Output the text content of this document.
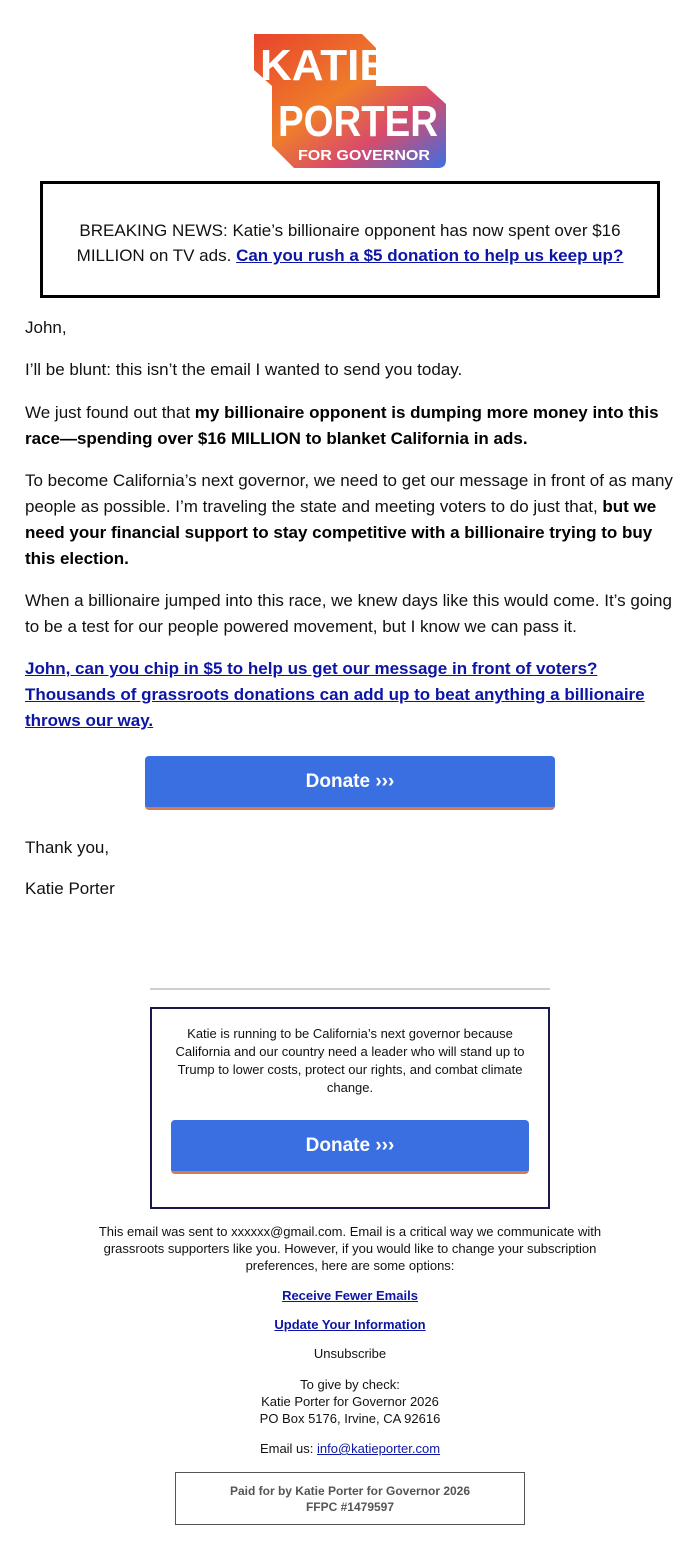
KATIE
PORTER
FOR GOVERNOR
BREAKING NEWS: Katie’s billionaire opponent has now spent over $16 MILLION on TV ads. Can you rush a $5 donation to help us keep up?

John,

I’ll be blunt: this isn’t the email I wanted to send you today.

We just found out that my billionaire opponent is dumping more money into this race—spending over $16 MILLION to blanket California in ads.

To become California’s next governor, we need to get our message in front of as many people as possible. I’m traveling the state and meeting voters to do just that, but we need your financial support to stay competitive with a billionaire trying to buy this election.

When a billionaire jumped into this race, we knew days like this would come. It’s going to be a test for our people powered movement, but I know we can pass it.

John, can you chip in $5 to help us get our message in front of voters? Thousands of grassroots donations can add up to beat anything a billionaire throws our way.

Donate ›››

Thank you,

Katie Porter

Katie is running to be California’s next governor because California and our country need a leader who will stand up to Trump to lower costs, protect our rights, and combat climate change.
Donate ›››
This email was sent to xxxxxx@gmail.com. Email is a critical way we communicate with grassroots supporters like you. However, if you would like to change your subscription preferences, here are some options:
Receive Fewer Emails
Update Your Information
Unsubscribe
To give by check:
Katie Porter for Governor 2026
PO Box 5176, Irvine, CA 92616
Email us: info@katieporter.com
Paid for by Katie Porter for Governor 2026
FFPC #1479597
